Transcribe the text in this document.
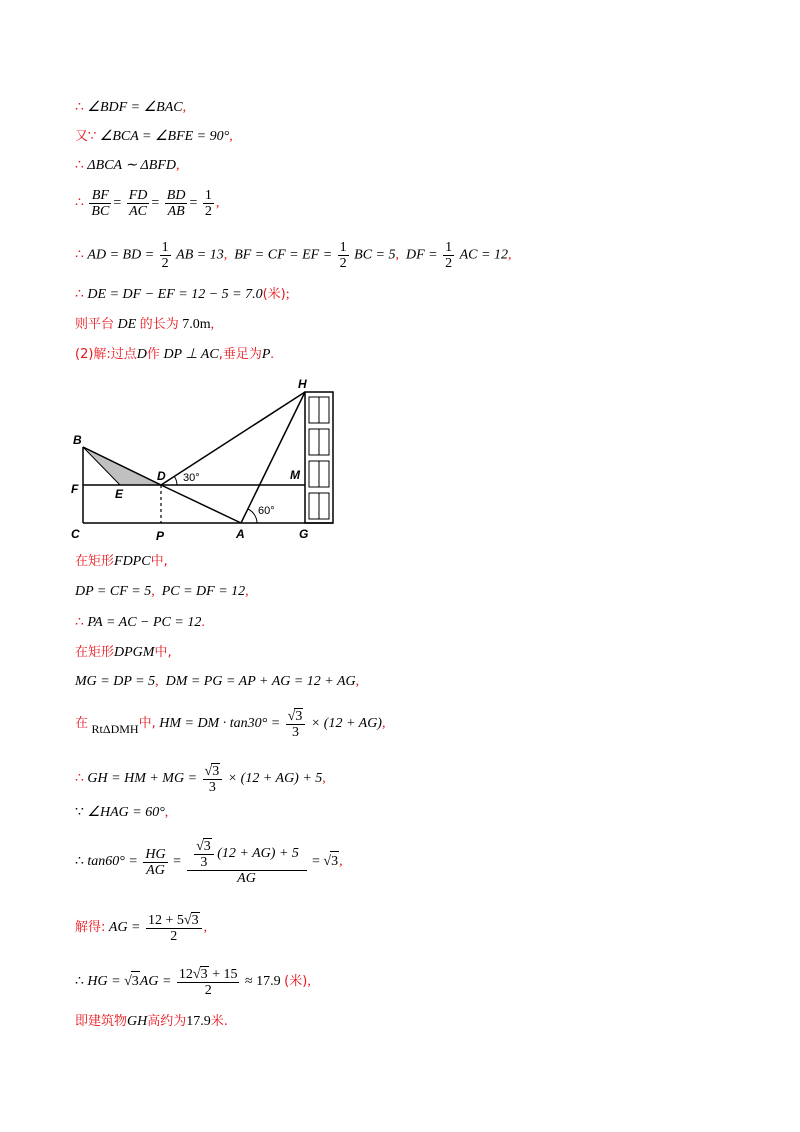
∴ ∠BDF = ∠BAC,
又∵ ∠BCA = ∠BFE = 90°,
∴ ΔBCA ∼ ΔBFD,
∴ $\frac{BF}{BC} = \frac{FD}{AC} = \frac{BD}{AB} = \frac{1}{2}$ ,
∴ AD = BD = $\frac{1}{2}$ AB = 13, BF = CF = EF = $\frac{1}{2}$ BC = 5, DF = $\frac{1}{2}$ AC = 12,
∴ DE = DF − EF = 12 − 5 = 7.0(米);
则平台 DE 的长为 7.0m,
(2)解:过点D作 DP ⊥ AC,垂足为P.
B
F
C
E
D
P	A	G
H
M
30°
60°
在矩形FDPC中,
DP = CF = 5, PC = DF = 12,
∴ PA = AC − PC = 12.
在矩形DPGM中,
MG = DP = 5, DM = PG = AP + AG = 12 + AG,
在 RtΔDMH中, HM = DM · $\tan 30^\circ = \frac{√3}{3} \times (12 + AG)$,
∴ GH = HM + MG = $\frac{√3}{3} \times (12 + AG) + 5$,
∵ ∠HAG = 60°,
∴ $\tan 60^\circ = \frac{HG}{AG} = \frac{\frac{√3}{3} (12 + AG) + 5}{AG} = √3$,
解得: AG = $\frac{12 + 5√3}{2}$ ,
∴ HG = $√3AG = \frac{12√3 + 15}{2} \approx 17.9$ (米),
即建筑物GH高约为17.9米.
